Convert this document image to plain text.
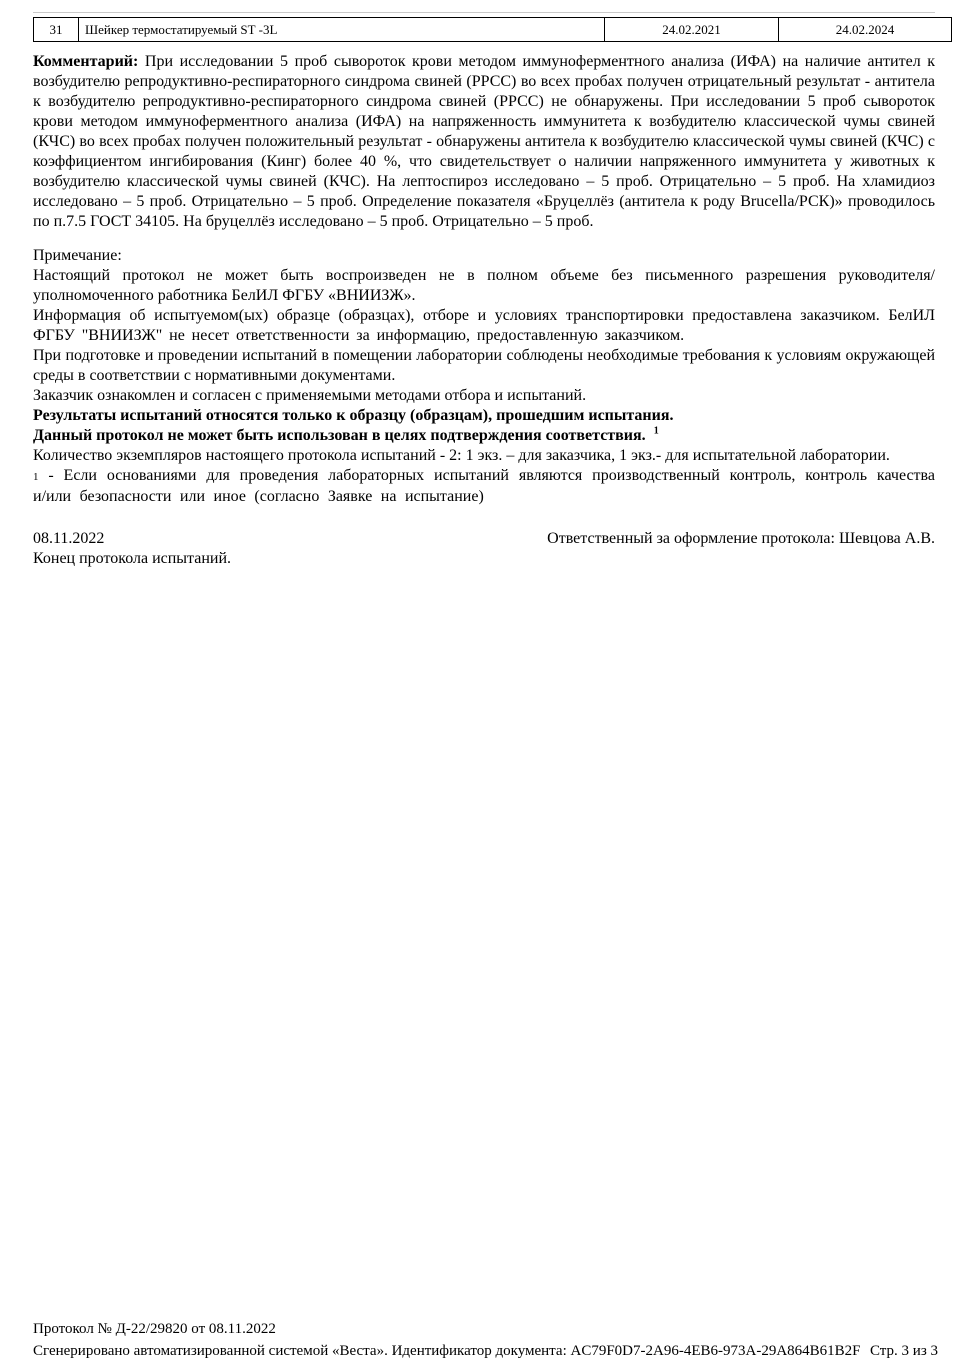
31	Шейкер термостатируемый ST -3L	24.02.2021	24.02.2024

Комментарий: При исследовании 5 проб сывороток крови методом иммуноферментного анализа (ИФА) на наличие антител к возбудителю репродуктивно-респираторного синдрома свиней (РРСС) во всех пробах получен отрицательный результат - антитела к возбудителю репродуктивно-респираторного синдрома свиней (РРСС) не обнаружены. При исследовании 5 проб сывороток крови методом иммуноферментного анализа (ИФА) на напряженность иммунитета к возбудителю классической чумы свиней (КЧС) во всех пробах получен положительный результат - обнаружены антитела к возбудителю классической чумы свиней (КЧС) с коэффициентом ингибирования (Кинг) более 40 %, что свидетельствует о наличии напряженного иммунитета у животных к возбудителю классической чумы свиней (КЧС). На лептоспироз исследовано – 5 проб. Отрицательно – 5 проб. На хламидиоз исследовано – 5 проб. Отрицательно – 5 проб. Определение показателя «Бруцеллёз (антитела к роду Brucella/РСК)» проводилось по п.7.5 ГОСТ 34105. На бруцеллёз исследовано – 5 проб. Отрицательно – 5 проб.

Примечание:

Настоящий протокол не может быть воспроизведен не в полном объеме без письменного разрешения руководителя/уполномоченного работника БелИЛ ФГБУ «ВНИИЗЖ».

Информация об испытуемом(ых) образце (образцах), отборе и условиях транспортировки предоставлена заказчиком. БелИЛ ФГБУ "ВНИИЗЖ" не несет ответственности за информацию, предоставленную заказчиком.

При подготовке и проведении испытаний в помещении лаборатории соблюдены необходимые требования к условиям окружающей среды в соответствии с нормативными документами.

Заказчик ознакомлен и согласен с применяемыми методами отбора и испытаний.

Результаты испытаний относятся только к образцу (образцам), прошедшим испытания.

Данный протокол не может быть использован в целях подтверждения соответствия. $^1$

Количество экземпляров настоящего протокола испытаний - 2: 1 экз. – для заказчика, 1 экз.- для испытательной лаборатории.

1 - Если основаниями для проведения лабораторных испытаний являются производственный контроль, контроль качества и/или безопасности или иное (согласно Заявке на испытание)

08.11.2022	Ответственный за оформление протокола: Шевцова А.В.
Конец протокола испытаний.
Протокол № Д-22/29820 от 08.11.2022
Сгенерировано автоматизированной системой «Веста». Идентификатор документа: AC79F0D7-2A96-4EB6-973A-29A864B61B2F Стр. 3 из 3
